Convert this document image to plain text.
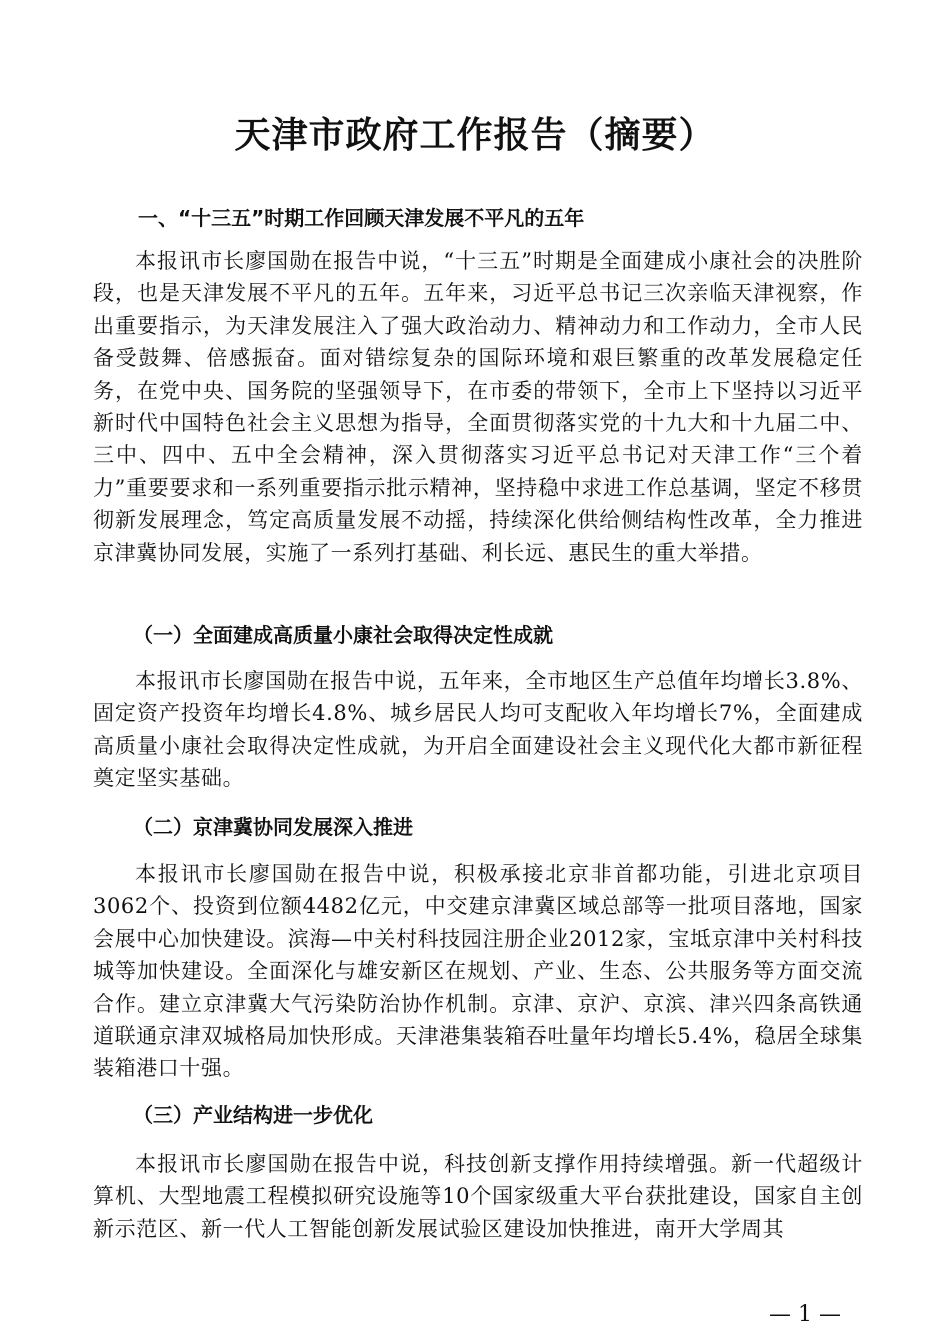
天津市政府工作报告（摘要）
一、“十三五”时期工作回顾天津发展不平凡的五年

本报讯市长廖国勋在报告中说，“十三五”时期是全面建成小康社会的决胜阶段，也是天津发展不平凡的五年。五年来，习近平总书记三次亲临天津视察，作出重要指示，为天津发展注入了强大政治动力、精神动力和工作动力，全市人民备受鼓舞、倍感振奋。面对错综复杂的国际环境和艰巨繁重的改革发展稳定任务，在党中央、国务院的坚强领导下，在市委的带领下，全市上下坚持以习近平新时代中国特色社会主义思想为指导，全面贯彻落实党的十九大和十九届二中、三中、四中、五中全会精神，深入贯彻落实习近平总书记对天津工作“三个着力”重要要求和一系列重要指示批示精神，坚持稳中求进工作总基调，坚定不移贯彻新发展理念，笃定高质量发展不动摇，持续深化供给侧结构性改革，全力推进京津冀协同发展，实施了一系列打基础、利长远、惠民生的重大举措。

（一）全面建成高质量小康社会取得决定性成就

本报讯市长廖国勋在报告中说，五年来，全市地区生产总值年均增长3.8%、固定资产投资年均增长4.8%、城乡居民人均可支配收入年均增长7%，全面建成高质量小康社会取得决定性成就，为开启全面建设社会主义现代化大都市新征程奠定坚实基础。

（二）京津冀协同发展深入推进

本报讯市长廖国勋在报告中说，积极承接北京非首都功能，引进北京项目3062个、投资到位额4482亿元，中交建京津冀区域总部等一批项目落地，国家会展中心加快建设。滨海—中关村科技园注册企业2012家，宝坻京津中关村科技城等加快建设。全面深化与雄安新区在规划、产业、生态、公共服务等方面交流合作。建立京津冀大气污染防治协作机制。京津、京沪、京滨、津兴四条高铁通道联通京津双城格局加快形成。天津港集装箱吞吐量年均增长5.4%，稳居全球集装箱港口十强。

（三）产业结构进一步优化

本报讯市长廖国勋在报告中说，科技创新支撑作用持续增强。新一代超级计算机、大型地震工程模拟研究设施等10个国家级重大平台获批建设，国家自主创新示范区、新一代人工智能创新发展试验区建设加快推进，南开大学周其

— 1 —
